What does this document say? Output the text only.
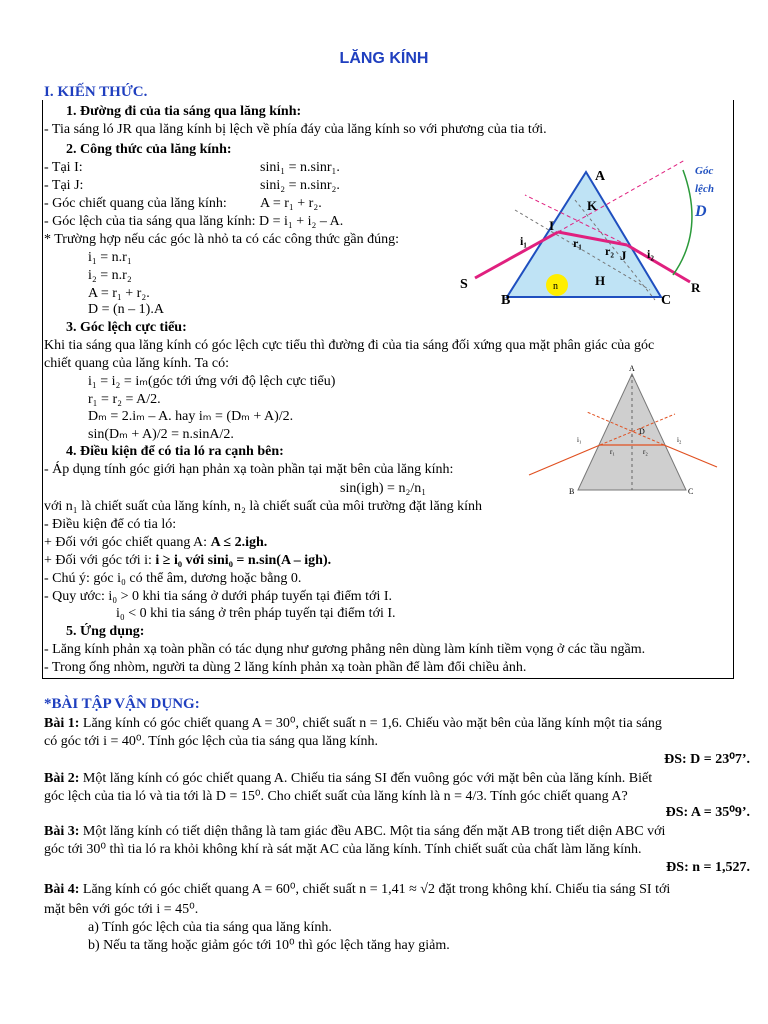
LĂNG KÍNH
I. KIẾN THỨC.
1. Đường đi của tia sáng qua lăng kính:
- Tia sáng ló JR qua lăng kính bị lệch về phía đáy của lăng kính so với phương của tia tới.
2. Công thức của lăng kính:
- Tại I:	sini₁ = n.sinr₁.
- Tại J:	sini₂ = n.sinr₂.
- Góc chiết quang của lăng kính: A = r₁ + r₂.
- Góc lệch của tia sáng qua lăng kính: D = i₁ + i₂ – A.
* Trường hợp nếu các góc là nhỏ ta có các công thức gần đúng:
i₁ = n.r₁
i₂ = n.r₂
A = r₁ + r₂.
D = (n – 1).A
3. Góc lệch cực tiểu:
Khi tia sáng qua lăng kính có góc lệch cực tiểu thì đường đi của tia sáng đối xứng qua mặt phân giác của góc
chiết quang của lăng kính. Ta có:
i₁ = i₂ = iₘ(góc tới ứng với độ lệch cực tiểu)
r₁ = r₂ = A/2.
Dₘ = 2.iₘ – A. hay iₘ = (Dₘ + A)/2.
sin(Dₘ + A)/2 = n.sinA/2.
4. Điều kiện để có tia ló ra cạnh bên:
- Áp dụng tính góc giới hạn phản xạ toàn phần tại mặt bên của lăng kính:
sin(igh) = n₂/n₁
với n₁ là chiết suất của lăng kính, n₂ là chiết suất của môi trường đặt lăng kính
- Điều kiện để có tia ló:
+ Đối với góc chiết quang A: A ≤ 2.igh.
+ Đối với góc tới i: i ≥ i₀ với sini₀ = n.sin(A – igh).
- Chú ý: góc i₀ có thể âm, dương hoặc bằng 0.
- Quy ước: i₀ > 0 khi tia sáng ở dưới pháp tuyến tại điểm tới I.
i₀ < 0 khi tia sáng ở trên pháp tuyến tại điểm tới I.
5. Ứng dụng:
- Lăng kính phản xạ toàn phần có tác dụng như gương phẳng nên dùng làm kính tiềm vọng ở các tầu ngầm.
- Trong ống nhòm, người ta dùng 2 lăng kính phản xạ toàn phần để làm đổi chiều ảnh.
A
B	C
K
I
J
H
S	R
n
i₁
i₂
r₁
r₂
Góc
lệch
D
A
B	C
D
i₁	i₂
r₁	r₂
*BÀI TẬP VẬN DỤNG:
Bài 1: Lăng kính có góc chiết quang A = 30⁰, chiết suất n = 1,6. Chiếu vào mặt bên của lăng kính một tia sáng
có góc tới i = 40⁰. Tính góc lệch của tia sáng qua lăng kính.
ĐS: D = 23⁰7’.
Bài 2: Một lăng kính có góc chiết quang A. Chiếu tia sáng SI đến vuông góc với mặt bên của lăng kính. Biết
góc lệch của tia ló và tia tới là D = 15⁰. Cho chiết suất của lăng kính là n = 4/3. Tính góc chiết quang A?
ĐS: A = 35⁰9’.
Bài 3: Một lăng kính có tiết diện thẳng là tam giác đều ABC. Một tia sáng đến mặt AB trong tiết diện ABC với
góc tới 30⁰ thì tia ló ra khỏi không khí rà sát mặt AC của lăng kính. Tính chiết suất của chất làm lăng kính.
ĐS: n = 1,527.
Bài 4: Lăng kính có góc chiết quang A = 60⁰, chiết suất n = 1,41 ≈ √2 đặt trong không khí. Chiếu tia sáng SI tới
mặt bên với góc tới i = 45⁰.
a) Tính góc lệch của tia sáng qua lăng kính.
b) Nếu ta tăng hoặc giảm góc tới 10⁰ thì góc lệch tăng hay giảm.
